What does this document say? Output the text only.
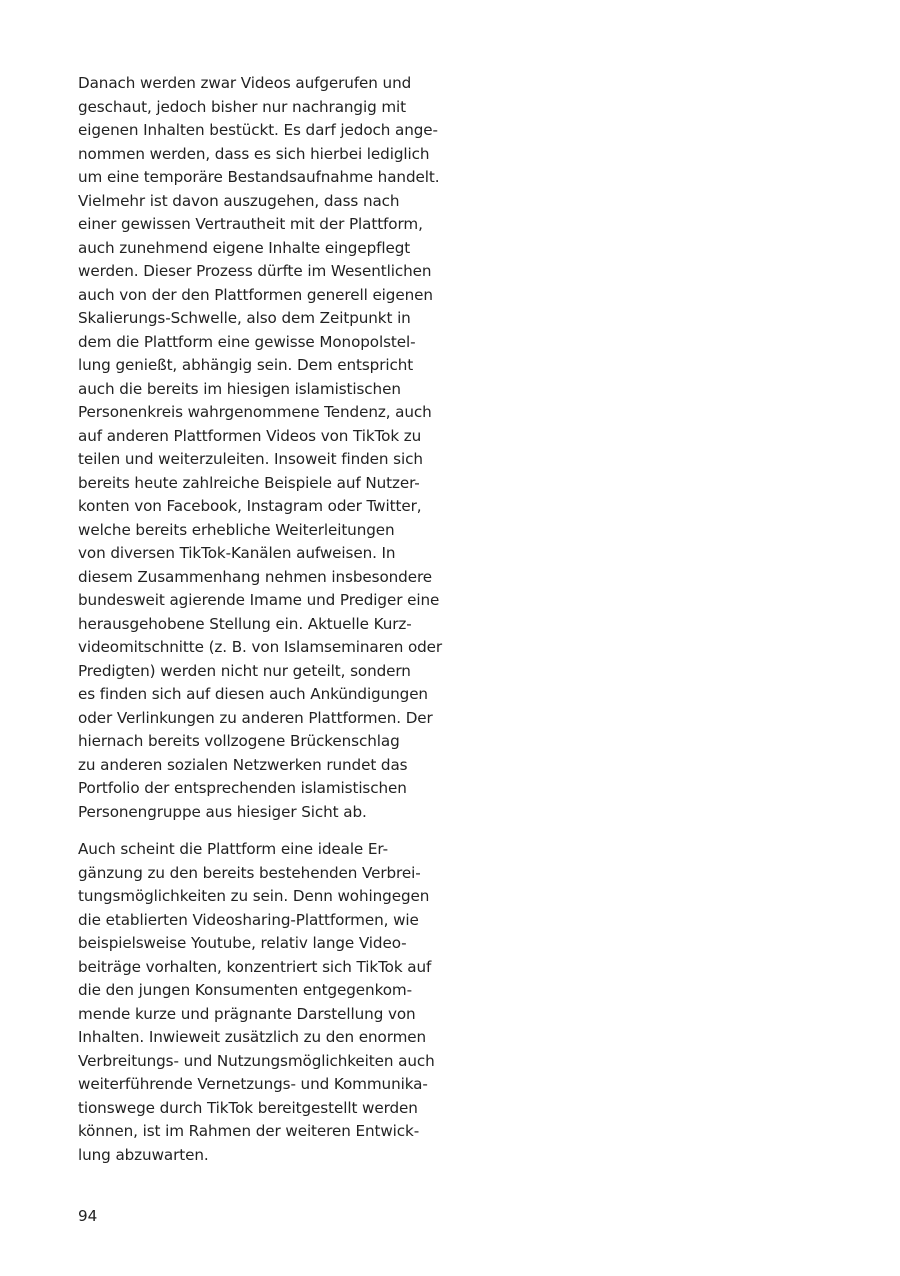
Danach werden zwar Videos aufgerufen und
geschaut, jedoch bisher nur nachrangig mit
eigenen Inhalten bestückt. Es darf jedoch ange-
nommen werden, dass es sich hierbei lediglich
um eine temporäre Bestandsaufnahme handelt.
Vielmehr ist davon auszugehen, dass nach
einer gewissen Vertrautheit mit der Plattform,
auch zunehmend eigene Inhalte eingepflegt
werden. Dieser Prozess dürfte im Wesentlichen
auch von der den Plattformen generell eigenen
Skalierungs-Schwelle, also dem Zeitpunkt in
dem die Plattform eine gewisse Monopolstel-
lung genießt, abhängig sein. Dem entspricht
auch die bereits im hiesigen islamistischen
Personenkreis wahrgenommene Tendenz, auch
auf anderen Plattformen Videos von TikTok zu
teilen und weiterzuleiten. Insoweit finden sich
bereits heute zahlreiche Beispiele auf Nutzer-
konten von Facebook, Instagram oder Twitter,
welche bereits erhebliche Weiterleitungen
von diversen TikTok-Kanälen aufweisen. In
diesem Zusammenhang nehmen insbesondere
bundesweit agierende Imame und Prediger eine
herausgehobene Stellung ein. Aktuelle Kurz-
videomitschnitte (z. B. von Islamseminaren oder
Predigten) werden nicht nur geteilt, sondern
es finden sich auf diesen auch Ankündigungen
oder Verlinkungen zu anderen Plattformen. Der
hiernach bereits vollzogene Brückenschlag
zu anderen sozialen Netzwerken rundet das
Portfolio der entsprechenden islamistischen
Personengruppe aus hiesiger Sicht ab.
Auch scheint die Plattform eine ideale Er-
gänzung zu den bereits bestehenden Verbrei-
tungsmöglichkeiten zu sein. Denn wohingegen
die etablierten Videosharing-Plattformen, wie
beispielsweise Youtube, relativ lange Video-
beiträge vorhalten, konzentriert sich TikTok auf
die den jungen Konsumenten entgegenkom-
mende kurze und prägnante Darstellung von
Inhalten. Inwieweit zusätzlich zu den enormen
Verbreitungs- und Nutzungsmöglichkeiten auch
weiterführende Vernetzungs- und Kommunika-
tionswege durch TikTok bereitgestellt werden
können, ist im Rahmen der weiteren Entwick-
lung abzuwarten.
94
